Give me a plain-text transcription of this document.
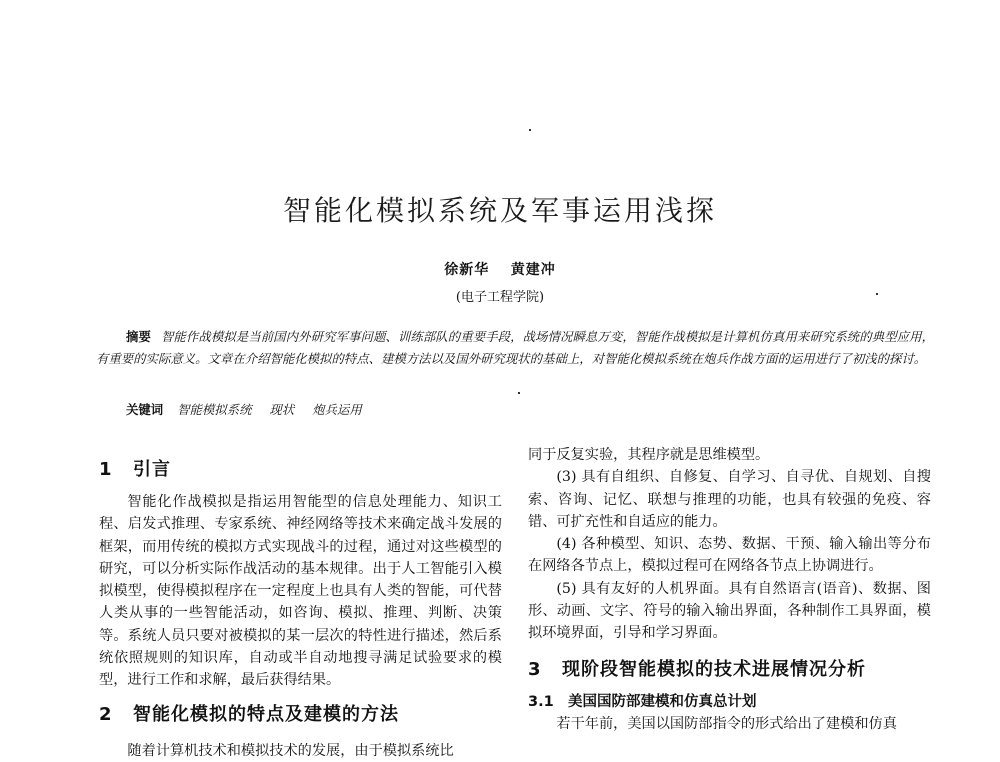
智能化模拟系统及军事运用浅探
徐新华 黄建冲
(电子工程学院)
摘要 智能作战模拟是当前国内外研究军事问题、训练部队的重要手段，战场情况瞬息万变，智能作战模拟是计算机仿真用来研究系统的典型应用，有重要的实际意义。文章在介绍智能化模拟的特点、建模方法以及国外研究现状的基础上，对智能化模拟系统在炮兵作战方面的运用进行了初浅的探讨。
关键词 智能模拟系统 现状 炮兵运用
1 引言

智能化作战模拟是指运用智能型的信息处理能力、知识工程、启发式推理、专家系统、神经网络等技术来确定战斗发展的框架，而用传统的模拟方式实现战斗的过程，通过对这些模型的研究，可以分析实际作战活动的基本规律。出于人工智能引入模拟模型，使得模拟程序在一定程度上也具有人类的智能，可代替人类从事的一些智能活动，如咨询、模拟、推理、判断、决策等。系统人员只要对被模拟的某一层次的特性进行描述，然后系统依照规则的知识库，自动或半自动地搜寻满足试验要求的模型，进行工作和求解，最后获得结果。

2 智能化模拟的特点及建模的方法

随着计算机技术和模拟技术的发展，由于模拟系统比

同于反复实验，其程序就是思维模型。

(3) 具有自组织、自修复、自学习、自寻优、自规划、自搜索、咨询、记忆、联想与推理的功能，也具有较强的免疫、容错、可扩充性和自适应的能力。

(4) 各种模型、知识、态势、数据、干预、输入输出等分布在网络各节点上，模拟过程可在网络各节点上协调进行。

(5) 具有友好的人机界面。具有自然语言(语音)、数据、图形、动画、文字、符号的输入输出界面，各种制作工具界面，模拟环境界面，引导和学习界面。

3 现阶段智能模拟的技术进展情况分析
3.1 美国国防部建模和仿真总计划

若干年前，美国以国防部指令的形式给出了建模和仿真
